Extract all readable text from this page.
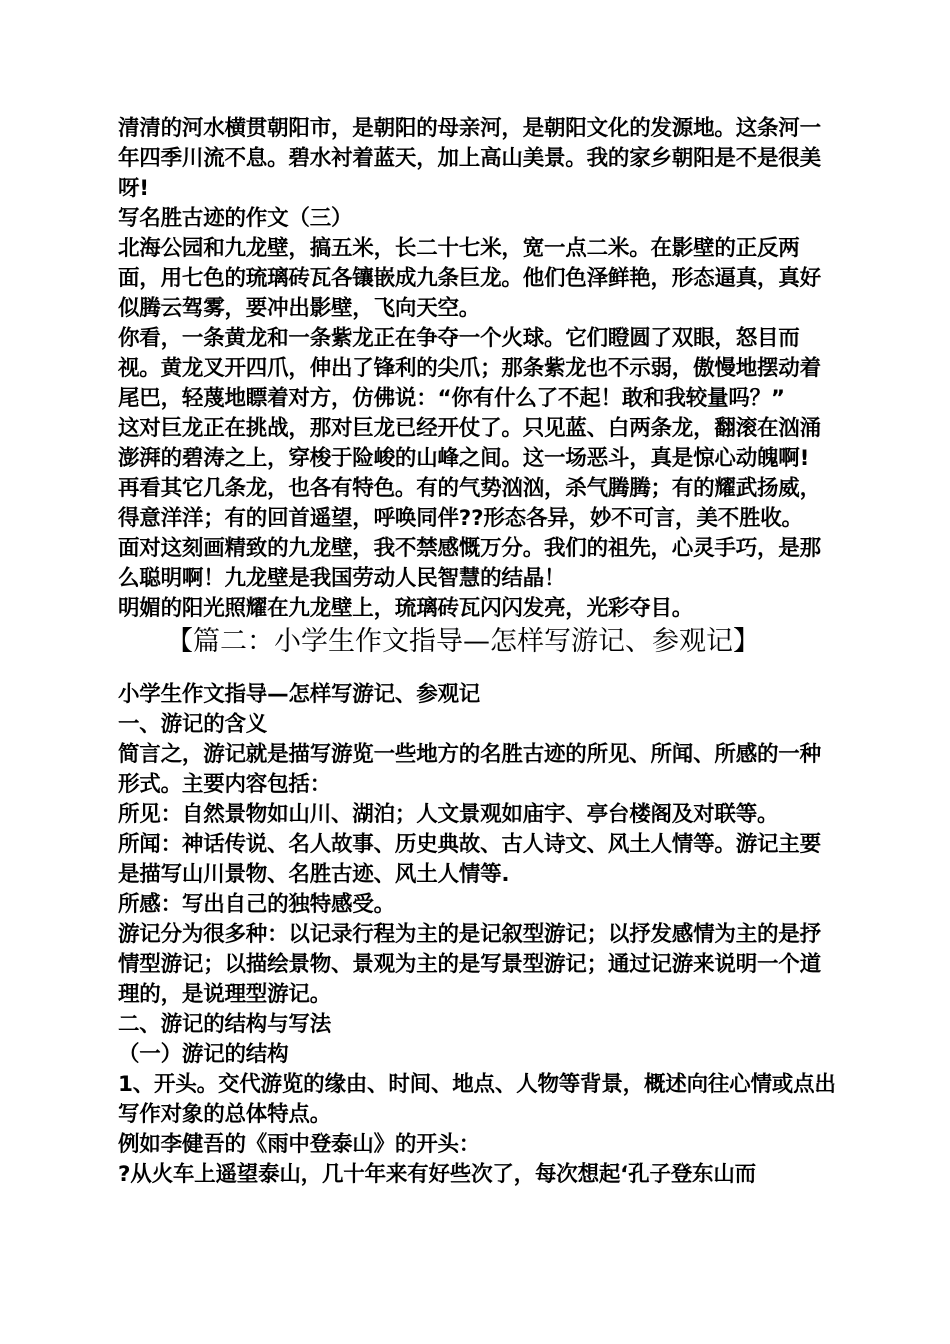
清清的河水横贯朝阳市，是朝阳的母亲河，是朝阳文化的发源地。这条河一年四季川流不息。碧水衬着蓝天，加上高山美景。我的家乡朝阳是不是很美呀!

写名胜古迹的作文（三）

北海公园和九龙壁，搞五米，长二十七米，宽一点二米。在影壁的正反两面，用七色的琉璃砖瓦各镶嵌成九条巨龙。他们色泽鲜艳，形态逼真，真好似腾云驾雾，要冲出影壁，飞向天空。

你看，一条黄龙和一条紫龙正在争夺一个火球。它们瞪圆了双眼，怒目而视。黄龙叉开四爪，伸出了锋利的尖爪；那条紫龙也不示弱，傲慢地摆动着尾巴，轻蔑地瞟着对方，仿佛说：“你有什么了不起！敢和我较量吗？”

这对巨龙正在挑战，那对巨龙已经开仗了。只见蓝、白两条龙，翻滚在汹涌澎湃的碧涛之上，穿梭于险峻的山峰之间。这一场恶斗，真是惊心动魄啊!

再看其它几条龙，也各有特色。有的气势汹汹，杀气腾腾；有的耀武扬威，得意洋洋；有的回首遥望，呼唤同伴??形态各异，妙不可言，美不胜收。

面对这刻画精致的九龙壁，我不禁感慨万分。我们的祖先，心灵手巧，是那么聪明啊！九龙壁是我国劳动人民智慧的结晶！

明媚的阳光照耀在九龙壁上，琉璃砖瓦闪闪发亮，光彩夺目。

【篇二：小学生作文指导—怎样写游记、参观记】

小学生作文指导—怎样写游记、参观记

一、游记的含义

简言之，游记就是描写游览一些地方的名胜古迹的所见、所闻、所感的一种形式。主要内容包括：

所见：自然景物如山川、湖泊；人文景观如庙宇、亭台楼阁及对联等。

所闻：神话传说、名人故事、历史典故、古人诗文、风土人情等。游记主要是描写山川景物、名胜古迹、风土人情等.

所感：写出自己的独特感受。

游记分为很多种：以记录行程为主的是记叙型游记；以抒发感情为主的是抒情型游记；以描绘景物、景观为主的是写景型游记；通过记游来说明一个道理的，是说理型游记。

二、游记的结构与写法

（一）游记的结构

1、开头。交代游览的缘由、时间、地点、人物等背景，概述向往心情或点出写作对象的总体特点。

例如李健吾的《雨中登泰山》的开头：

?从火车上遥望泰山，几十年来有好些次了，每次想起‘孔子登东山而
